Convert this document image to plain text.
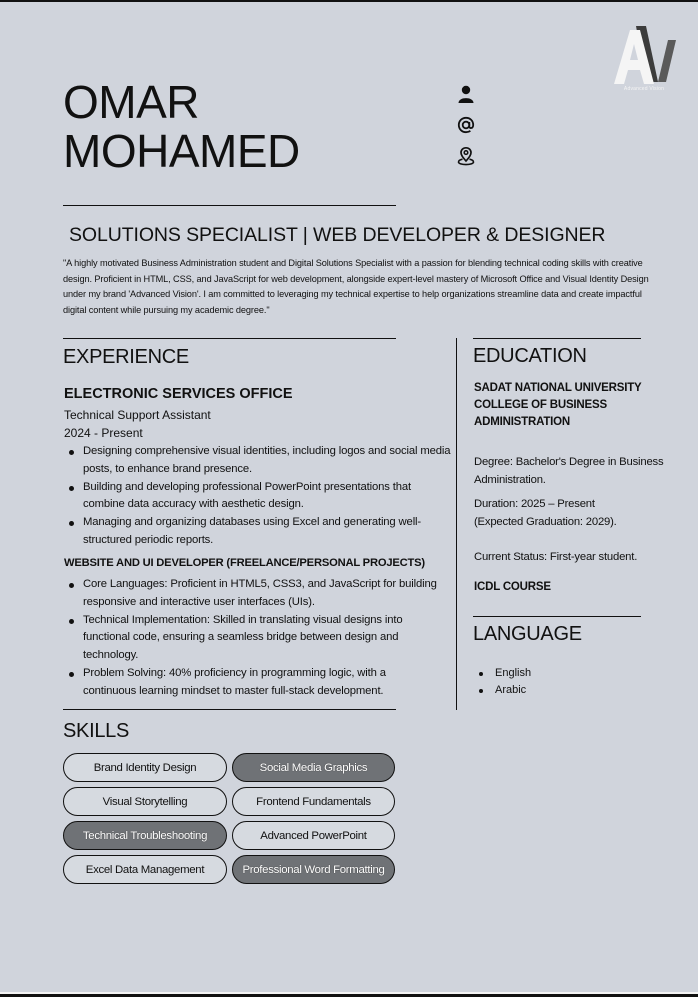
Advanced Vision
OMAR
MOHAMED
SOLUTIONS SPECIALIST | WEB DEVELOPER & DESIGNER

"A highly motivated Business Administration student and Digital Solutions Specialist with a passion for blending technical coding skills with creative design. Proficient in HTML, CSS, and JavaScript for web development, alongside expert-level mastery of Microsoft Office and Visual Identity Design under my brand 'Advanced Vision'. I am committed to leveraging my technical expertise to help organizations streamline data and create impactful digital content while pursuing my academic degree."

EXPERIENCE
ELECTRONIC SERVICES OFFICE
Technical Support Assistant
2024 - Present
Designing comprehensive visual identities, including logos and social media posts, to enhance brand presence.
Building and developing professional PowerPoint presentations that combine data accuracy with aesthetic design.
Managing and organizing databases using Excel and generating well-structured periodic reports.
WEBSITE AND UI DEVELOPER (FREELANCE/PERSONAL PROJECTS)
Core Languages: Proficient in HTML5, CSS3, and JavaScript for building responsive and interactive user interfaces (UIs).
Technical Implementation: Skilled in translating visual designs into functional code, ensuring a seamless bridge between design and technology.
Problem Solving: 40% proficiency in programming logic, with a continuous learning mindset to master full-stack development.
EDUCATION
SADAT NATIONAL UNIVERSITY COLLEGE OF BUSINESS ADMINISTRATION
Degree: Bachelor's Degree in Business Administration.
Duration: 2025 – Present
(Expected Graduation: 2029).
Current Status: First-year student.
ICDL COURSE
LANGUAGE
English
Arabic
SKILLS
Brand Identity Design	Social Media Graphics
Visual Storytelling	Frontend Fundamentals
Technical Troubleshooting	Advanced PowerPoint
Excel Data Management	Professional Word Formatting
